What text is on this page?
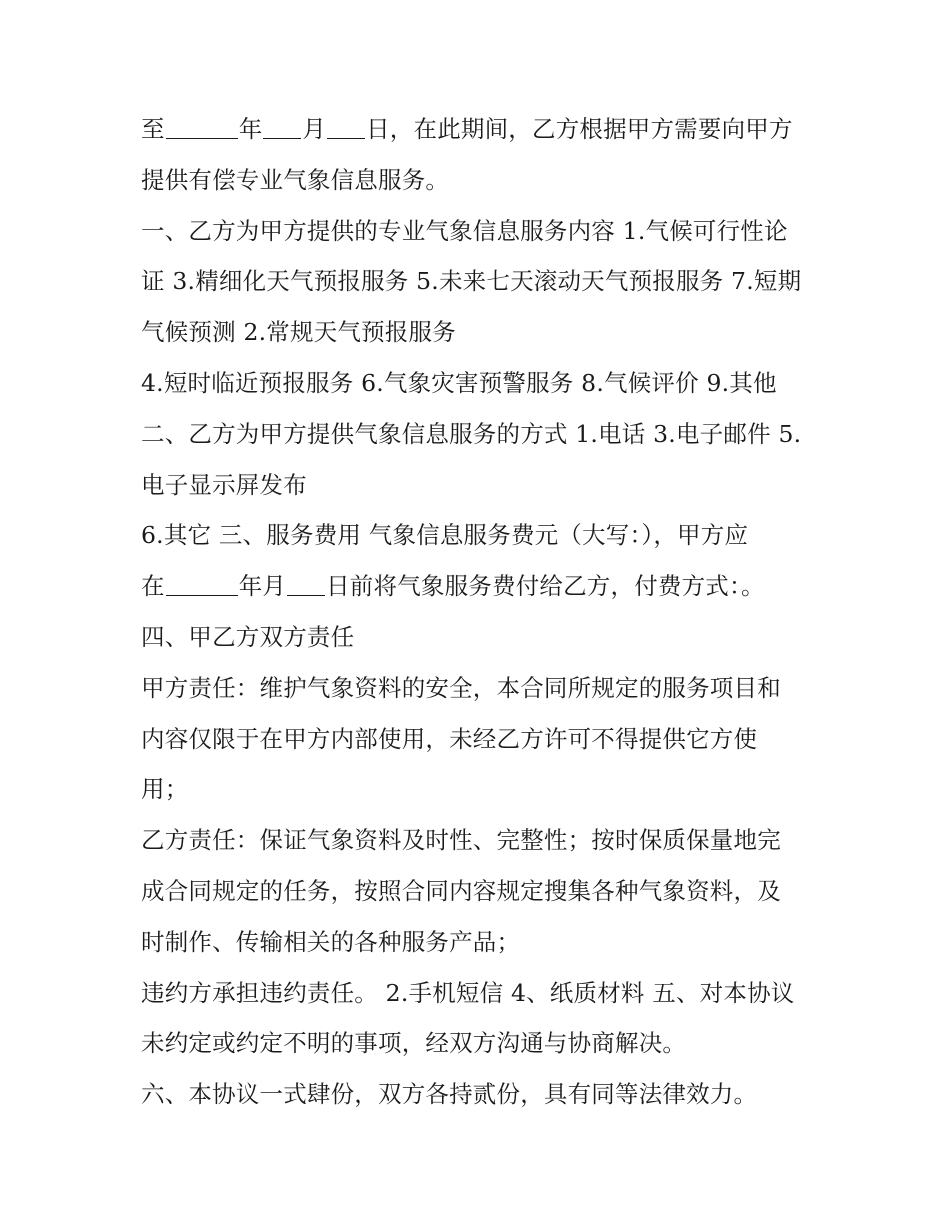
至	年 月 日，在此期间，乙方根据甲方需要向甲方
提供有偿专业气象信息服务。
一、乙方为甲方提供的专业气象信息服务内容 1.气候可行性论
证 3.精细化天气预报服务 5.未来七天滚动天气预报服务 7.短期
气候预测 2.常规天气预报服务
4.短时临近预报服务 6.气象灾害预警服务 8.气候评价 9.其他
二、乙方为甲方提供气象信息服务的方式 1.电话 3.电子邮件 5.
电子显示屏发布
6.其它 三、服务费用 气象信息服务费元（大写：），甲方应
在	年月 日前将气象服务费付给乙方，付费方式：。
四、甲乙方双方责任
甲方责任：维护气象资料的安全，本合同所规定的服务项目和
内容仅限于在甲方内部使用，未经乙方许可不得提供它方使
用；
乙方责任：保证气象资料及时性、完整性；按时保质保量地完
成合同规定的任务，按照合同内容规定搜集各种气象资料，及
时制作、传输相关的各种服务产品；
违约方承担违约责任。 2.手机短信 4、纸质材料 五、对本协议
未约定或约定不明的事项，经双方沟通与协商解决。
六、本协议一式肆份，双方各持贰份，具有同等法律效力。
